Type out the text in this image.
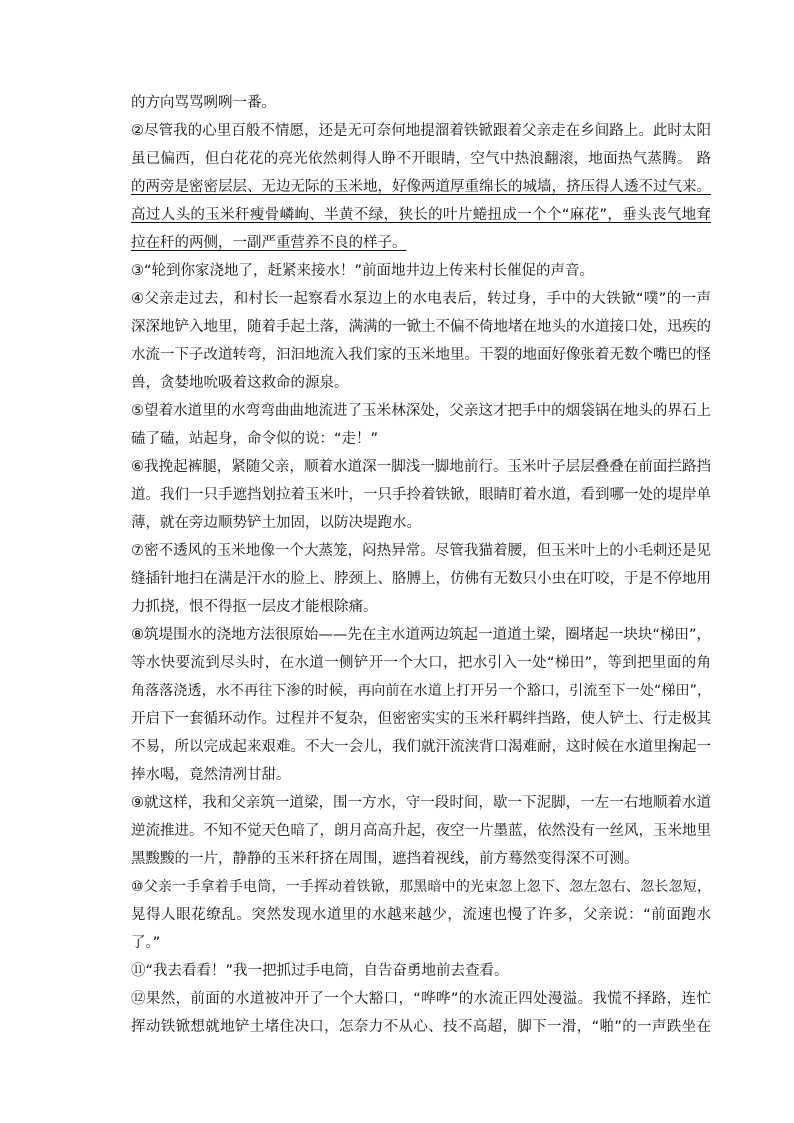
的方向骂骂咧咧一番。
②尽管我的心里百般不情愿，还是无可奈何地提溜着铁锨跟着父亲走在乡间路上。此时太阳
虽已偏西，但白花花的亮光依然刺得人睁不开眼睛，空气中热浪翻滚，地面热气蒸腾。 路
的两旁是密密层层、无边无际的玉米地，好像两道厚重绵长的城墙，挤压得人透不过气来。
高过人头的玉米秆瘦骨嶙峋、半黄不绿，狭长的叶片蜷扭成一个个“麻花”，垂头丧气地耷
拉在秆的两侧，一副严重营养不良的样子。
③“轮到你家浇地了，赶紧来接水！”前面地井边上传来村长催促的声音。
④父亲走过去，和村长一起察看水泵边上的水电表后，转过身，手中的大铁锨“噗”的一声
深深地铲入地里，随着手起土落，满满的一锨土不偏不倚地堵在地头的水道接口处，迅疾的
水流一下子改道转弯，汩汩地流入我们家的玉米地里。干裂的地面好像张着无数个嘴巴的怪
兽，贪婪地吮吸着这救命的源泉。
⑤望着水道里的水弯弯曲曲地流进了玉米林深处，父亲这才把手中的烟袋锅在地头的界石上
磕了磕，站起身，命令似的说：“走！”
⑥我挽起裤腿，紧随父亲，顺着水道深一脚浅一脚地前行。玉米叶子层层叠叠在前面拦路挡
道。我们一只手遮挡划拉着玉米叶，一只手拎着铁锨，眼睛盯着水道，看到哪一处的堤岸单
薄，就在旁边顺势铲土加固，以防决堤跑水。
⑦密不透风的玉米地像一个大蒸笼，闷热异常。尽管我猫着腰，但玉米叶上的小毛刺还是见
缝插针地扫在满是汗水的脸上、脖颈上、胳膊上，仿佛有无数只小虫在叮咬，于是不停地用
力抓挠，恨不得抠一层皮才能根除痛。
⑧筑堤围水的浇地方法很原始——先在主水道两边筑起一道道土梁，圈堵起一块块“梯田”，
等水快要流到尽头时，在水道一侧铲开一个大口，把水引入一处“梯田”，等到把里面的角
角落落浇透，水不再往下渗的时候，再向前在水道上打开另一个豁口，引流至下一处“梯田”，
开启下一套循环动作。过程并不复杂，但密密实实的玉米秆羁绊挡路，使人铲土、行走极其
不易，所以完成起来艰难。不大一会儿，我们就汗流浃背口渴难耐，这时候在水道里掬起一
捧水喝，竟然清冽甘甜。
⑨就这样，我和父亲筑一道梁，围一方水，守一段时间，歇一下泥脚，一左一右地顺着水道
逆流推进。不知不觉天色暗了，朗月高高升起，夜空一片墨蓝，依然没有一丝风，玉米地里
黑黢黢的一片，静静的玉米秆挤在周围，遮挡着视线，前方蓦然变得深不可测。
⑩父亲一手拿着手电筒，一手挥动着铁锨，那黑暗中的光束忽上忽下、忽左忽右、忽长忽短，
晃得人眼花缭乱。突然发现水道里的水越来越少，流速也慢了许多，父亲说：“前面跑水
了。”
⑪“我去看看！”我一把抓过手电筒，自告奋勇地前去查看。
⑫果然，前面的水道被冲开了一个大豁口，“哗哗”的水流正四处漫溢。我慌不择路，连忙
挥动铁锨想就地铲土堵住决口，怎奈力不从心、技不高超，脚下一滑，“啪”的一声跌坐在
